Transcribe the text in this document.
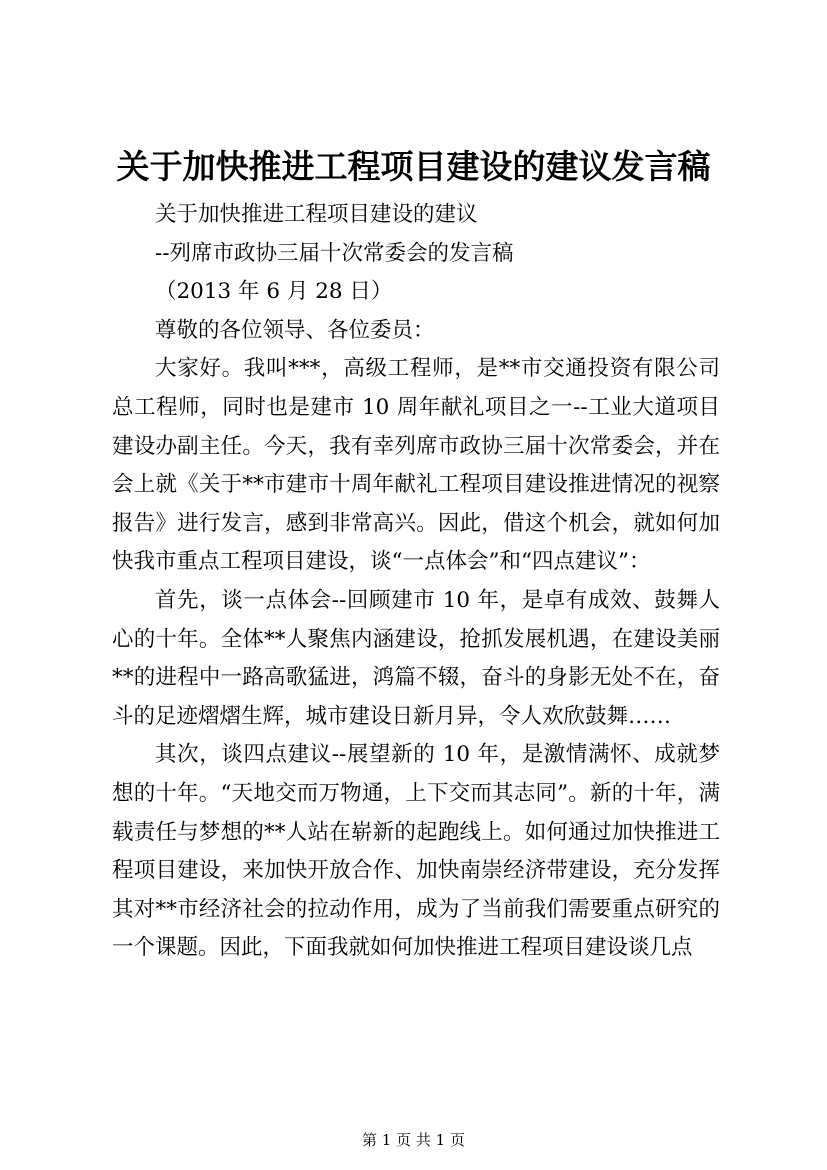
关于加快推进工程项目建设的建议发言稿

关于加快推进工程项目建设的建议

--列席市政协三届十次常委会的发言稿

（2013 年 6 月 28 日）

尊敬的各位领导、各位委员：

大家好。我叫***，高级工程师，是**市交通投资有限公司总工程师，同时也是建市 10 周年献礼项目之一--工业大道项目建设办副主任。今天，我有幸列席市政协三届十次常委会，并在会上就《关于**市建市十周年献礼工程项目建设推进情况的视察报告》进行发言，感到非常高兴。因此，借这个机会，就如何加快我市重点工程项目建设，谈“一点体会”和“四点建议”：

首先，谈一点体会--回顾建市 10 年，是卓有成效、鼓舞人心的十年。全体**人聚焦内涵建设，抢抓发展机遇，在建设美丽**的进程中一路高歌猛进，鸿篇不辍，奋斗的身影无处不在，奋斗的足迹熠熠生辉，城市建设日新月异，令人欢欣鼓舞……

其次，谈四点建议--展望新的 10 年，是激情满怀、成就梦想的十年。“天地交而万物通，上下交而其志同”。新的十年，满载责任与梦想的**人站在崭新的起跑线上。如何通过加快推进工程项目建设，来加快开放合作、加快南崇经济带建设，充分发挥其对**市经济社会的拉动作用，成为了当前我们需要重点研究的一个课题。因此，下面我就如何加快推进工程项目建设谈几点

第 1 页 共 1 页
